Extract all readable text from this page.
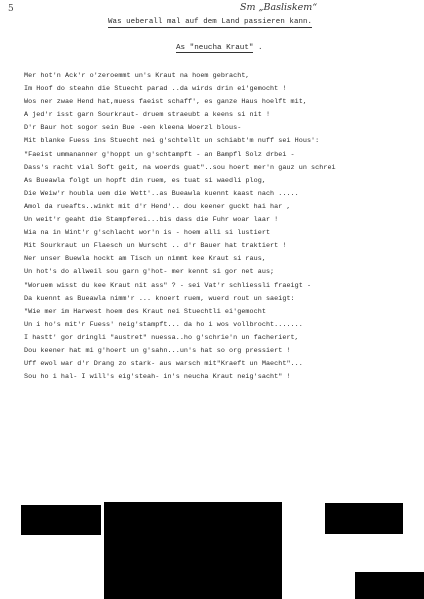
5	Sm „Basliskem“
Was ueberall mal auf dem Land passieren kann.
As "neucha Kraut" .
Mer hot'n Ack'r o'zeroemmt un's Kraut na hoem gebracht,
Im Hoof do steahn die Stuecht parad ..da wirds drin ei'gemocht !
Wos ner zwae Hend hat,muess faeist schaff', es ganze Haus hoelft mit,
A jed'r isst garn Sourkraut- druem straeubt a keens si nit !
D'r Baur hot sogor sein Bue -een kleena Woerzl blous-
Mit blanke Fuess ins Stuecht nei g'schtellt un schiabt'm nuff sei Hous':
"Faeist ummananner g'hoppt un g'schtampft - an Bampfl Solz drbei -
Dass's racht vial Soft geit, na woerds guat"..sou hoert mer'n gauz un schrei
As Bueawla folgt un hopft din ruem, es tuat si waedli plog,
Die Weiw'r houbla uem die Wett'..as Bueawla kuennt kaast nach .....
Amol da rueafts..winkt mit d'r Hend'.. dou keener guckt hai har ,
Un weit'r geaht die Stampferei...bis dass die Fuhr woar laar !
Wia na in Wint'r g'schlacht wor'n is - hoem alli si lustiert
Mit Sourkraut un Flaesch un Wurscht .. d'r Bauer hat traktiert !
Ner unser Buewla hockt am Tisch un nimmt kee Kraut si raus,
Un hot's do allweil sou garn g'hot- mer kennt si gor net aus;
"Woruem wisst du kee Kraut nit ass" ? - sei Vat'r schliessli fraeigt -
Da kuennt as Bueawla nimm'r ... knoert ruem, wuerd rout un saeigt:
"Wie mer im Harwest hoem des Kraut nei Stuechtli ei'gemocht
Un i ho's mit'r Fuess' neig'stampft... da ho i wos vollbrocht.......
I hastt' gor dringli "austret" nuessa..ho g'schrie'n un facheriert,
Dou keener hat mi g'hoert un g'sahn...un's hat so org pressiert !
Uff ewol war d'r Drang zo stark- aus warsch mit"Kraeft un Maecht"...
Sou ho i hal- I will's eig'steah- in's neucha Kraut neig'sacht" !
